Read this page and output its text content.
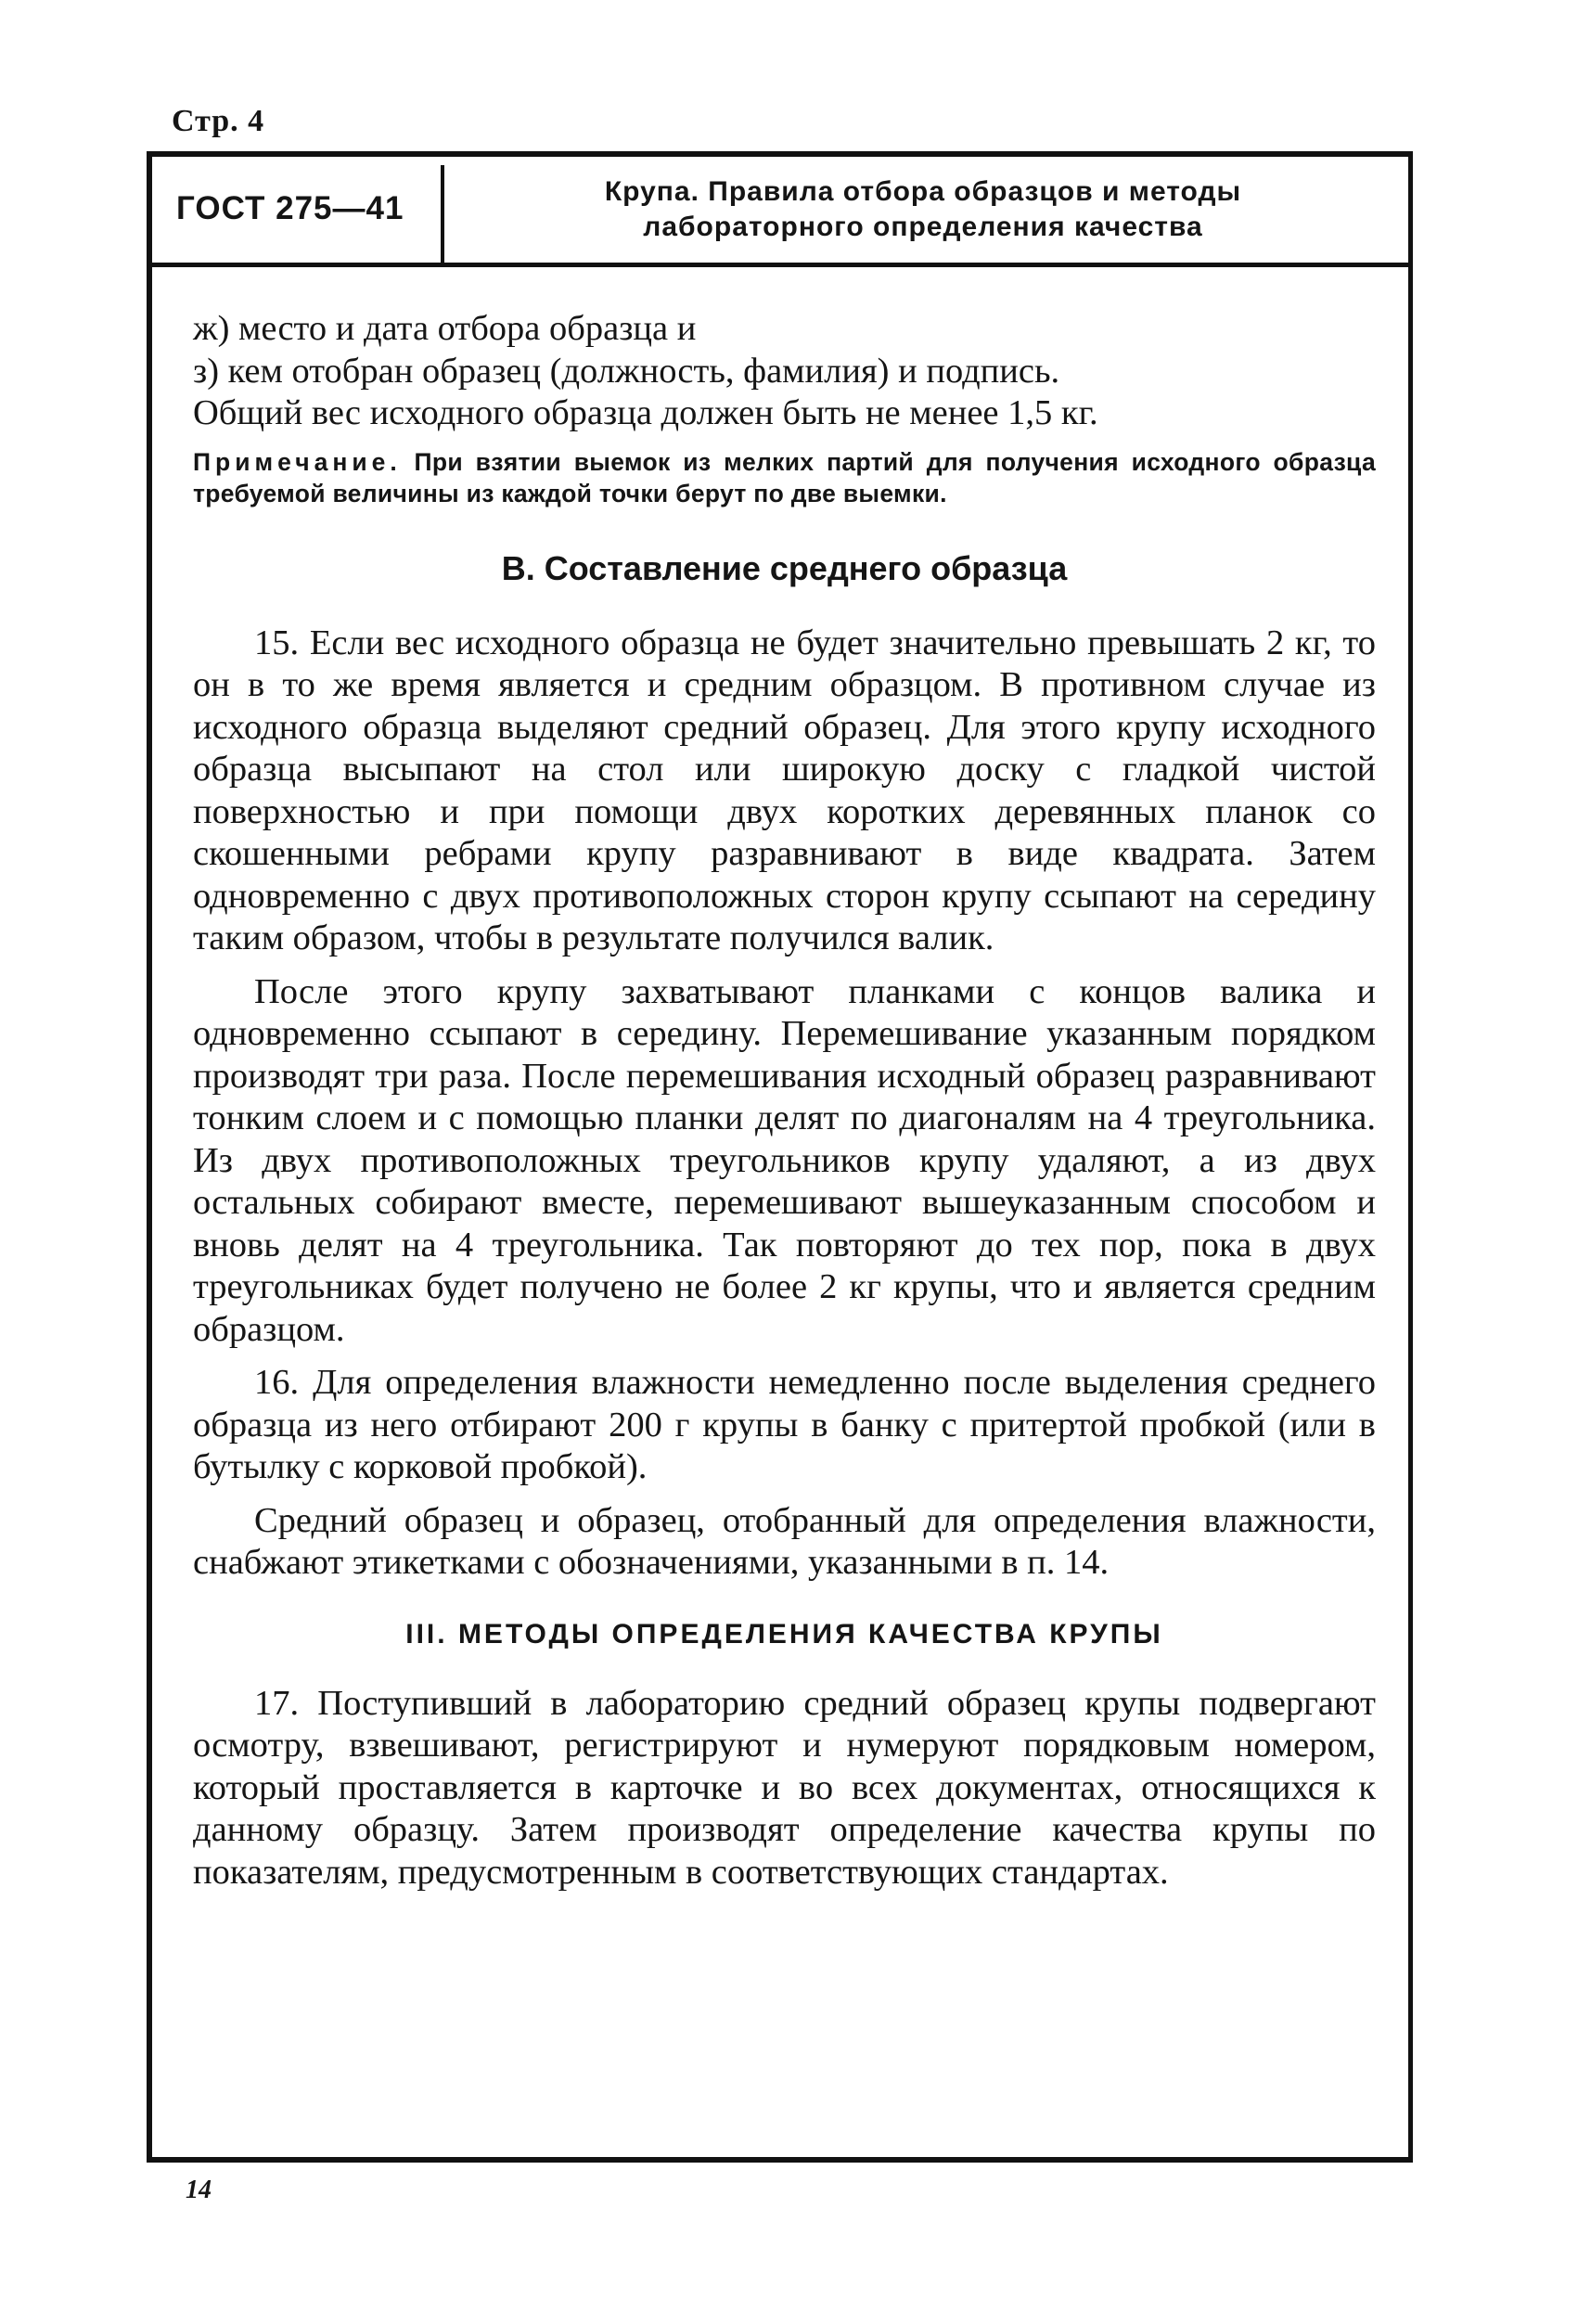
Стр. 4
ГОСТ 275—41	Крупа. Правила отбора образцов и методы
лабораторного определения качества

ж) место и дата отбора образца и

з) кем отобран образец (должность, фамилия) и подпись.

Общий вес исходного образца должен быть не менее 1,5 кг.

Примечание. При взятии выемок из мелких партий для получения исходного образца требуемой величины из каждой точки берут по две выемки.
В. Составление среднего образца

15. Если вес исходного образца не будет значительно превышать 2 кг, то он в то же время является и средним образцом. В противном случае из исходного образца выделяют средний образец. Для этого крупу исходного образца высыпают на стол или широкую доску с гладкой чистой поверхностью и при помощи двух коротких деревянных планок со скошенными ребрами крупу разравнивают в виде квадрата. Затем одновременно с двух противоположных сторон крупу ссыпают на середину таким образом, чтобы в результате получился валик.

После этого крупу захватывают планками с концов валика и одновременно ссыпают в середину. Перемешивание указанным порядком производят три раза. После перемешивания исходный образец разравнивают тонким слоем и с помощью планки делят по диагоналям на 4 треугольника. Из двух противоположных треугольников крупу удаляют, а из двух остальных собирают вместе, перемешивают вышеуказанным способом и вновь делят на 4 треугольника. Так повторяют до тех пор, пока в двух треугольниках будет получено не более 2 кг крупы, что и является средним образцом.

16. Для определения влажности немедленно после выделения среднего образца из него отбирают 200 г крупы в банку с притертой пробкой (или в бутылку с корковой пробкой).

Средний образец и образец, отобранный для определения влажности, снабжают этикетками с обозначениями, указанными в п. 14.

III. МЕТОДЫ ОПРЕДЕЛЕНИЯ КАЧЕСТВА КРУПЫ

17. Поступивший в лабораторию средний образец крупы подвергают осмотру, взвешивают, регистрируют и нумеруют порядковым номером, который проставляется в карточке и во всех документах, относящихся к данному образцу. Затем производят определение качества крупы по показателям, предусмотренным в соответствующих стандартах.

14
